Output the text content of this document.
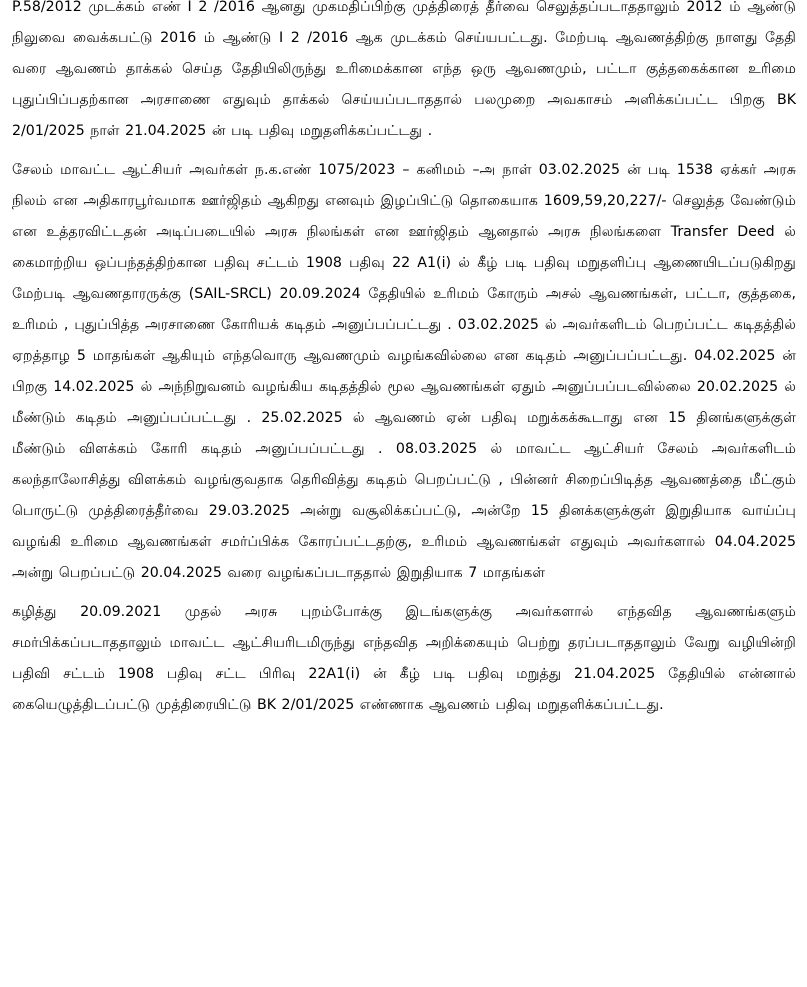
P.58/2012 முடக்கம் எண் I 2 /2016 ஆனது முகமதிப்பிற்கு முத்திரைத் தீர்வை செலுத்தப்படாததாலும் 2012 ம் ஆண்டு நிலுவை வைக்கபட்டு 2016 ம் ஆண்டு I 2 /2016 ஆக முடக்கம் செய்யபட்டது. மேற்படி ஆவணத்திற்கு நாளது தேதி வரை ஆவணம் தாக்கல் செய்த தேதியிலிருந்து உரிமைக்கான எந்த ஒரு ஆவணமும், பட்டா குத்தகைக்கான உரிமை புதுப்பிப்பதற்கான அரசாணை எதுவும் தாக்கல் செய்யப்படாததால் பலமுறை அவகாசம் அளிக்கப்பட்ட பிறகு BK 2/01/2025 நாள் 21.04.2025 ன் படி பதிவு மறுதளிக்கப்பட்டது .

சேலம் மாவட்ட ஆட்சியர் அவர்கள் ந.க.எண் 1075/2023 – கனிமம் –அ நாள் 03.02.2025 ன் படி 1538 ஏக்கர் அரசு நிலம் என அதிகாரபூர்வமாக ஊர்ஜிதம் ஆகிறது எனவும் இழப்பிட்டு தொகையாக 1609,59,20,227/- செலுத்த வேண்டும் என உத்தரவிட்டதன் அடிப்படையில் அரசு நிலங்கள் என ஊர்ஜிதம் ஆனதால் அரசு நிலங்களை Transfer Deed ல் கைமாற்றிய ஒப்பந்தத்திற்கான பதிவு சட்டம் 1908 பதிவு 22 A1(i) ல் கீழ் படி பதிவு மறுதளிப்பு ஆணையிடப்படுகிறது மேற்படி ஆவணதாரருக்கு (SAIL-SRCL) 20.09.2024 தேதியில் உரிமம் கோரும் அசல் ஆவணங்கள், பட்டா, குத்தகை, உரிமம் , புதுப்பித்த அரசாணை கோரியக் கடிதம் அனுப்பப்பட்டது . 03.02.2025 ல் அவர்களிடம் பெறப்பட்ட கடிதத்தில் ஏறத்தாழ 5 மாதங்கள் ஆகியும் எந்தவொரு ஆவணமும் வழங்கவில்லை என கடிதம் அனுப்பப்பட்டது. 04.02.2025 ன் பிறகு 14.02.2025 ல் அந்நிறுவனம் வழங்கிய கடிதத்தில் மூல ஆவணங்கள் ஏதும் அனுப்பப்படவில்லை 20.02.2025 ல் மீண்டும் கடிதம் அனுப்பப்பட்டது . 25.02.2025 ல் ஆவணம் ஏன் பதிவு மறுக்கக்கூடாது என 15 தினங்களுக்குள் மீண்டும் விளக்கம் கோரி கடிதம் அனுப்பப்பட்டது . 08.03.2025 ல் மாவட்ட ஆட்சியர் சேலம் அவர்களிடம் கலந்தாலோசித்து விளக்கம் வழங்குவதாக தெரிவித்து கடிதம் பெறப்பட்டு , பின்னர் சிறைப்பிடித்த ஆவணத்தை மீட்கும் பொருட்டு முத்திரைத்தீர்வை 29.03.2025 அன்று வசூலிக்கப்பட்டு, அன்றே 15 தினக்களுக்குள் இறுதியாக வாய்ப்பு வழங்கி உரிமை ஆவணங்கள் சமர்ப்பிக்க கோரப்பட்டதற்கு, உரிமம் ஆவணங்கள் எதுவும் அவர்களால் 04.04.2025 அன்று பெறப்பட்டு 20.04.2025 வரை வழங்கப்படாததால் இறுதியாக 7 மாதங்கள்

கழித்து 20.09.2021 முதல் அரசு புறம்போக்கு இடங்களுக்கு அவர்களால் எந்தவித ஆவணங்களும் சமர்பிக்கப்படாததாலும் மாவட்ட ஆட்சியரிடமிருந்து எந்தவித அறிக்கையும் பெற்று தரப்படாததாலும் வேறு வழியின்றி பதிவி சட்டம் 1908 பதிவு சட்ட பிரிவு 22A1(i) ன் கீழ் படி பதிவு மறுத்து 21.04.2025 தேதியில் என்னால் கையெழுத்திடப்பட்டு முத்திரையிட்டு BK 2/01/2025 எண்ணாக ஆவணம் பதிவு மறுதளிக்கப்பட்டது.
